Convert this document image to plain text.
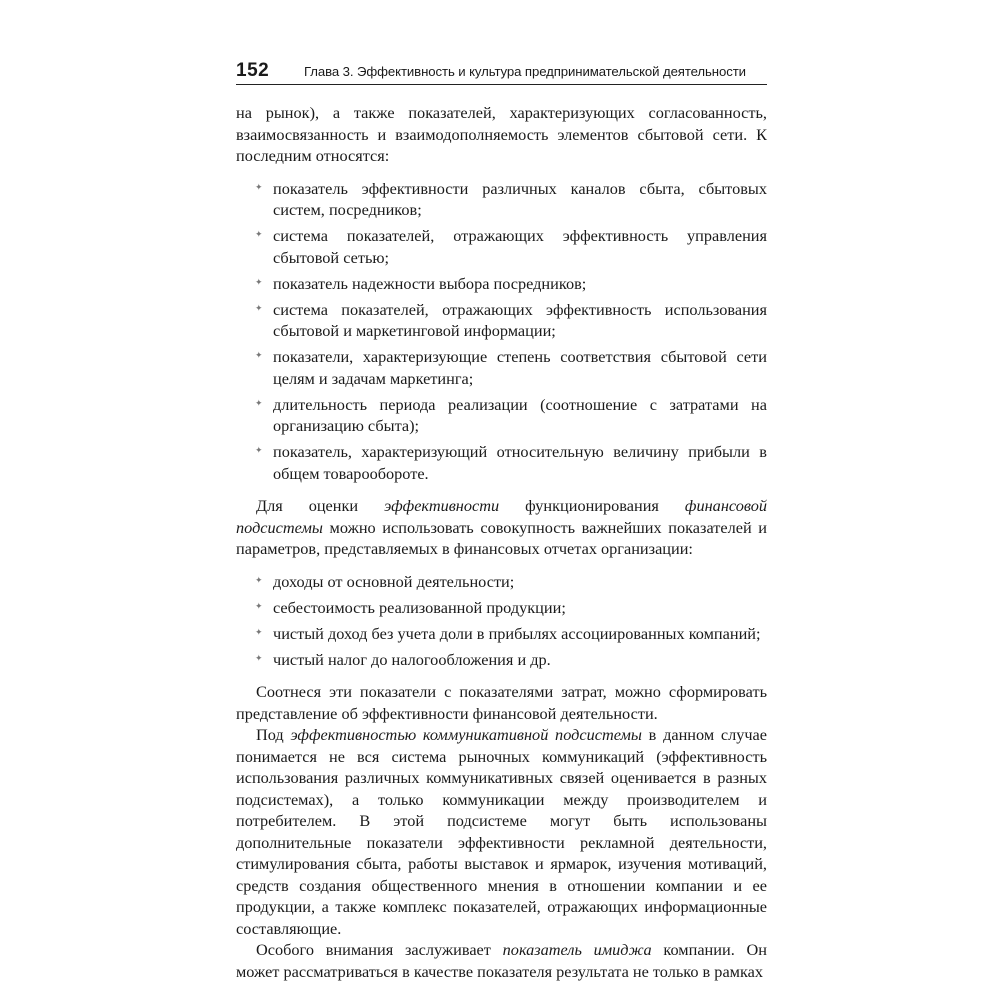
152	Глава 3. Эффективность и культура предпринимательской деятельности

на рынок), а также показателей, характеризующих согласованность, взаимосвязанность и взаимодополняемость элементов сбытовой сети. К последним относятся:

✦ показатель эффективности различных каналов сбыта, сбытовых систем, посредников;
✦ система показателей, отражающих эффективность управления сбытовой сетью;
✦ показатель надежности выбора посредников;
✦ система показателей, отражающих эффективность использования сбытовой и маркетинговой информации;
✦ показатели, характеризующие степень соответствия сбытовой сети целям и задачам маркетинга;
✦ длительность периода реализации (соотношение с затратами на организацию сбыта);
✦ показатель, характеризующий относительную величину прибыли в общем товарообороте.

Для оценки эффективности функционирования финансовой подсистемы можно использовать совокупность важнейших показателей и параметров, представляемых в финансовых отчетах организации:

✦ доходы от основной деятельности;
✦ себестоимость реализованной продукции;
✦ чистый доход без учета доли в прибылях ассоциированных компаний;
✦ чистый налог до налогообложения и др.

Соотнеся эти показатели с показателями затрат, можно сформировать представление об эффективности финансовой деятельности.

Под эффективностью коммуникативной подсистемы в данном случае понимается не вся система рыночных коммуникаций (эффективность использования различных коммуникативных связей оценивается в разных подсистемах), а только коммуникации между производителем и потребителем. В этой подсистеме могут быть использованы дополнительные показатели эффективности рекламной деятельности, стимулирования сбыта, работы выставок и ярмарок, изучения мотиваций, средств создания общественного мнения в отношении компании и ее продукции, а также комплекс показателей, отражающих информационные составляющие.

Особого внимания заслуживает показатель имиджа компании. Он может рассматриваться в качестве показателя результата не только в рамках
